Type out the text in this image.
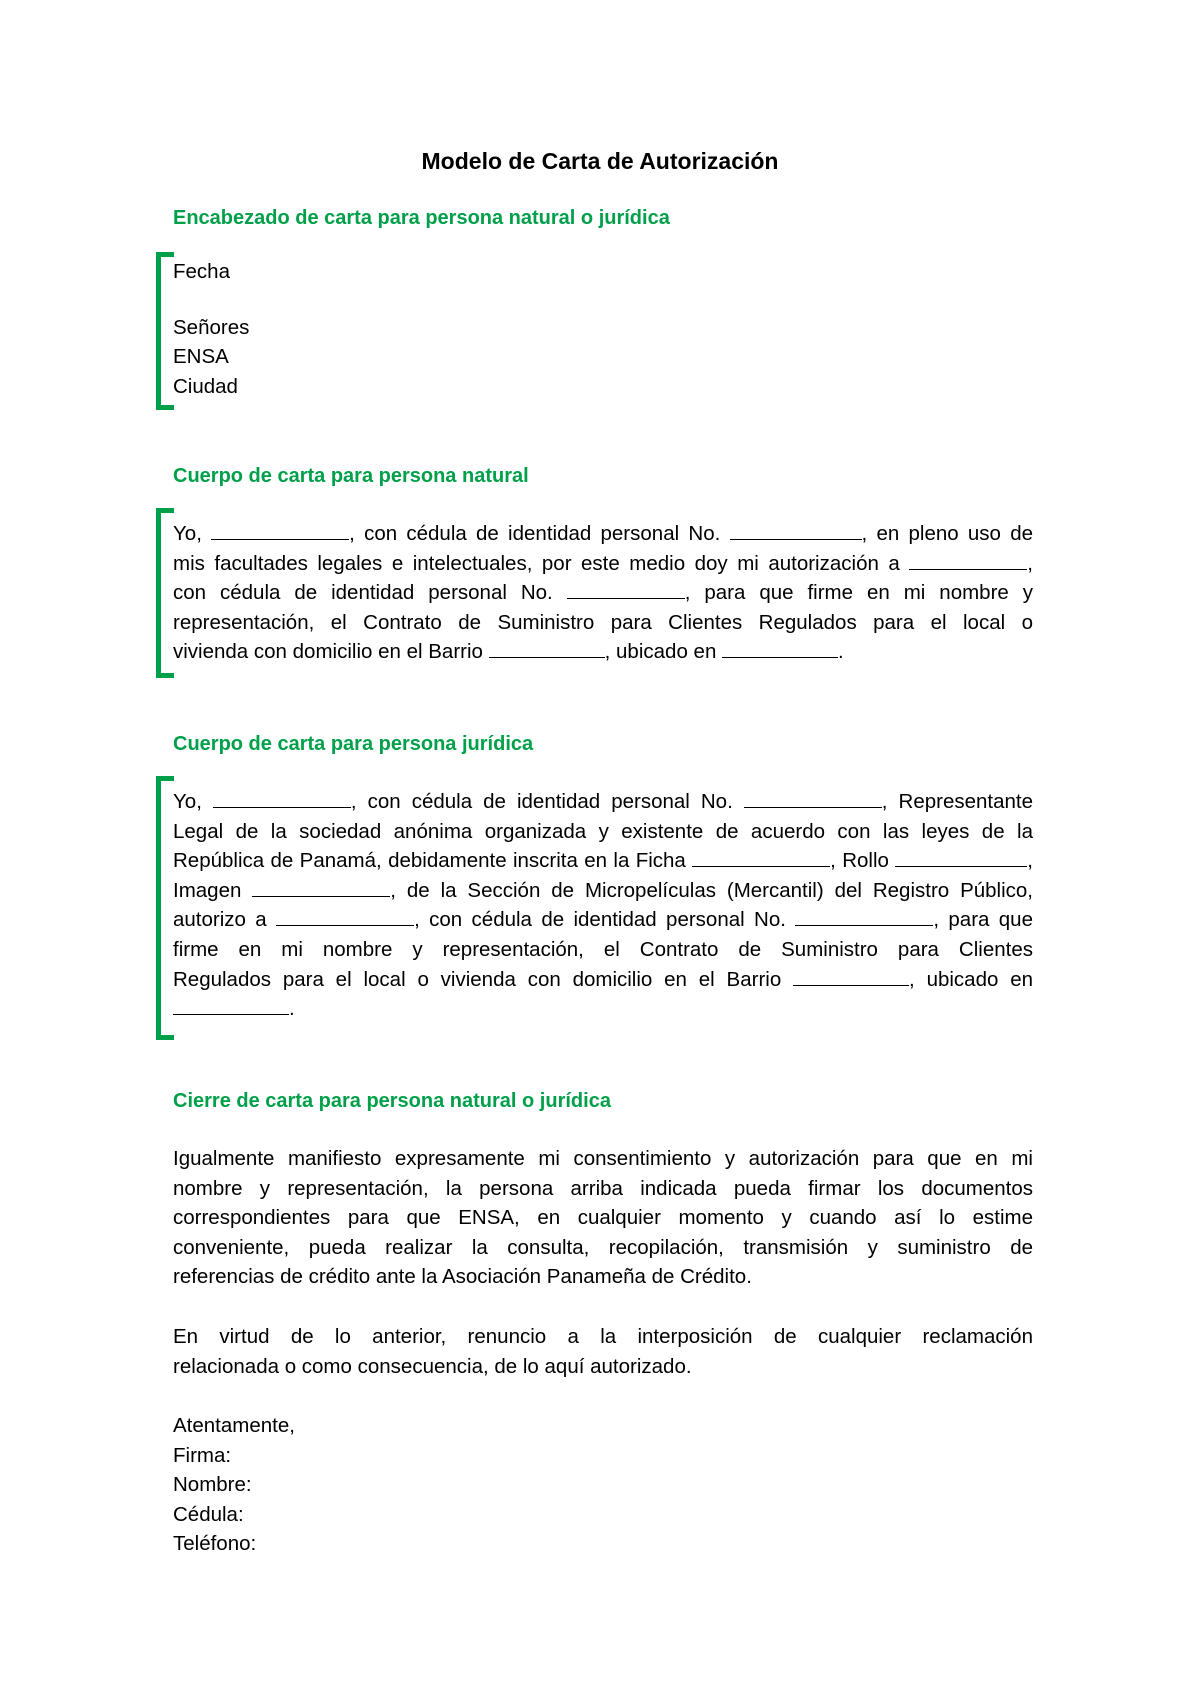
Modelo de Carta de Autorización
Encabezado de carta para persona natural o jurídica
Fecha
Señores
ENSA
Ciudad
Cuerpo de carta para persona natural
Yo,	, con cédula de identidad personal No.	, en pleno uso de
mis facultades legales e intelectuales, por este medio doy mi autorización a	,
con cédula de identidad personal No.	, para que firme en mi nombre y
representación, el Contrato de Suministro para Clientes Regulados para el local o
vivienda con domicilio en el Barrio	, ubicado en	.
Cuerpo de carta para persona jurídica
Yo,	, con cédula de identidad personal No.	, Representante
Legal de la sociedad anónima organizada y existente de acuerdo con las leyes de la
República de Panamá, debidamente inscrita en la Ficha	, Rollo	,
Imagen	, de la Sección de Micropelículas (Mercantil) del Registro Público,
autorizo a	, con cédula de identidad personal No.	, para que
firme en mi nombre y representación, el Contrato de Suministro para Clientes
Regulados para el local o vivienda con domicilio en el Barrio	, ubicado en
.
Cierre de carta para persona natural o jurídica
Igualmente manifiesto expresamente mi consentimiento y autorización para que en mi
nombre y representación, la persona arriba indicada pueda firmar los documentos
correspondientes para que ENSA, en cualquier momento y cuando así lo estime
conveniente, pueda realizar la consulta, recopilación, transmisión y suministro de
referencias de crédito ante la Asociación Panameña de Crédito.
En virtud de lo anterior, renuncio a la interposición de cualquier reclamación
relacionada o como consecuencia, de lo aquí autorizado.
Atentamente,
Firma:
Nombre:
Cédula:
Teléfono:
